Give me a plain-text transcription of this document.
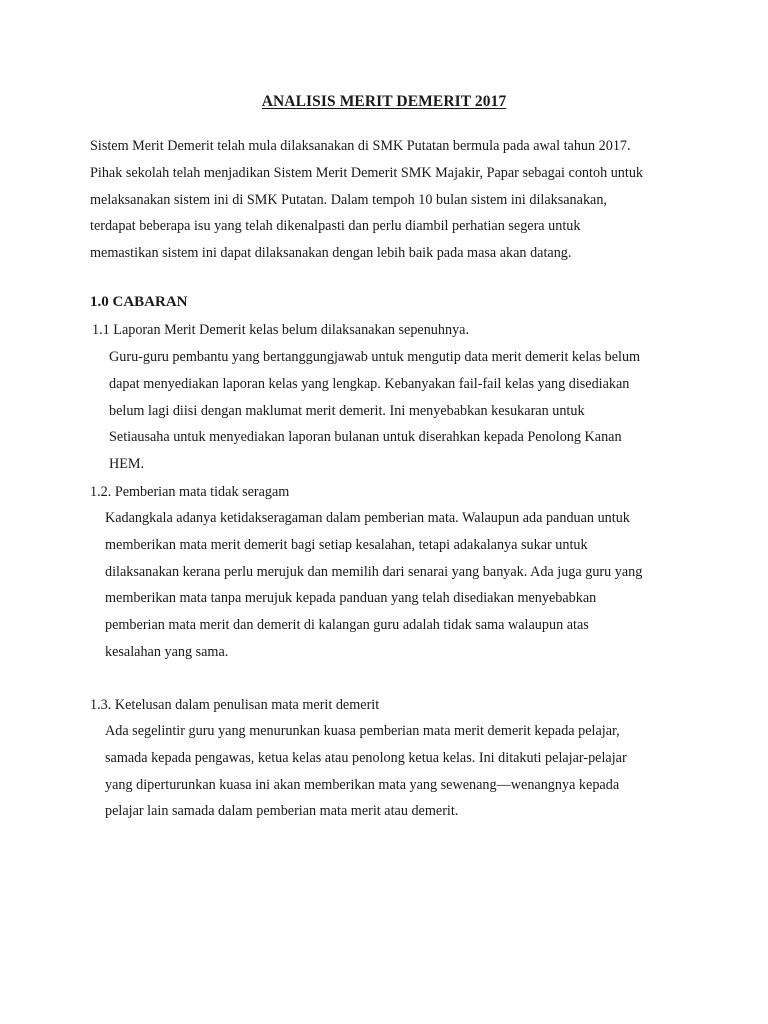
ANALISIS MERIT DEMERIT 2017

Sistem Merit Demerit telah mula dilaksanakan di SMK Putatan bermula pada awal tahun 2017.
Pihak sekolah telah menjadikan Sistem Merit Demerit SMK Majakir, Papar sebagai contoh untuk
melaksanakan sistem ini di SMK Putatan. Dalam tempoh 10 bulan sistem ini dilaksanakan,
terdapat beberapa isu yang telah dikenalpasti dan perlu diambil perhatian segera untuk
memastikan sistem ini dapat dilaksanakan dengan lebih baik pada masa akan datang.

1.0 CABARAN
1.1 Laporan Merit Demerit kelas belum dilaksanakan sepenuhnya.
Guru-guru pembantu yang bertanggungjawab untuk mengutip data merit demerit kelas belum
dapat menyediakan laporan kelas yang lengkap. Kebanyakan fail-fail kelas yang disediakan
belum lagi diisi dengan maklumat merit demerit. Ini menyebabkan kesukaran untuk
Setiausaha untuk menyediakan laporan bulanan untuk diserahkan kepada Penolong Kanan
HEM.
1.2. Pemberian mata tidak seragam
Kadangkala adanya ketidakseragaman dalam pemberian mata. Walaupun ada panduan untuk
memberikan mata merit demerit bagi setiap kesalahan, tetapi adakalanya sukar untuk
dilaksanakan kerana perlu merujuk dan memilih dari senarai yang banyak. Ada juga guru yang
memberikan mata tanpa merujuk kepada panduan yang telah disediakan menyebabkan
pemberian mata merit dan demerit di kalangan guru adalah tidak sama walaupun atas
kesalahan yang sama.
1.3. Ketelusan dalam penulisan mata merit demerit
Ada segelintir guru yang menurunkan kuasa pemberian mata merit demerit kepada pelajar,
samada kepada pengawas, ketua kelas atau penolong ketua kelas. Ini ditakuti pelajar-pelajar
yang diperturunkan kuasa ini akan memberikan mata yang sewenang—wenangnya kepada
pelajar lain samada dalam pemberian mata merit atau demerit.
